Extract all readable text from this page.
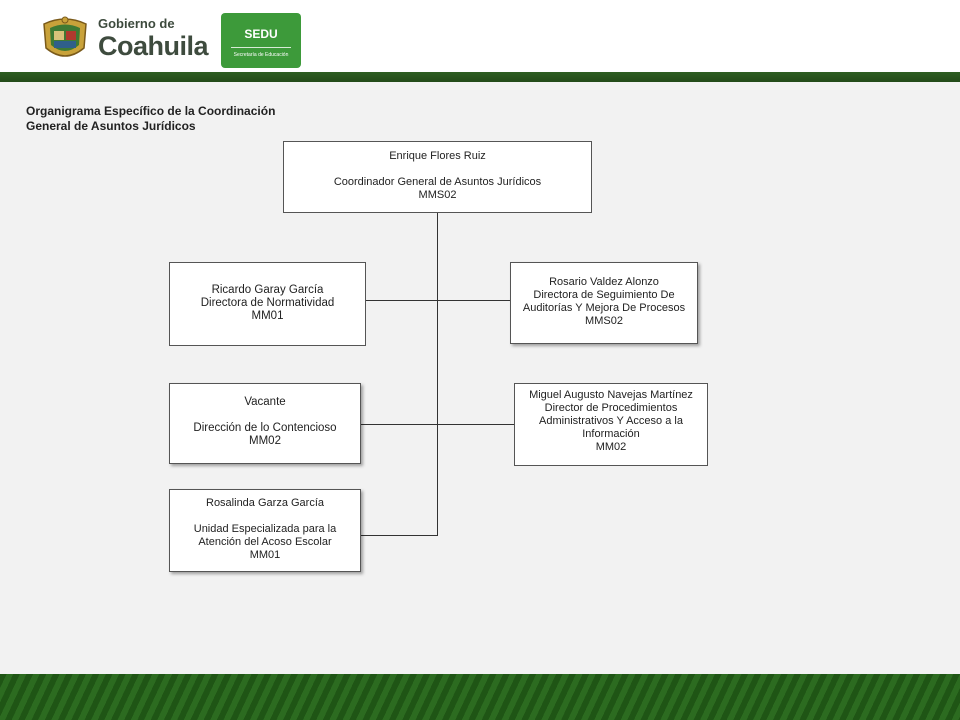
Gobierno de
Coahuila	SEDU
Secretaría de Educación
Organigrama Específico de la Coordinación
General de Asuntos Jurídicos
Enrique Flores Ruiz
Coordinador General de Asuntos Jurídicos
MMS02
Ricardo Garay García
Directora de Normatividad
MM01
Rosario Valdez Alonzo
Directora de Seguimiento De
Auditorías Y Mejora De Procesos
MMS02
Vacante
Dirección de lo Contencioso
MM02
Miguel Augusto Navejas Martínez
Director de Procedimientos
Administrativos Y Acceso a la
Información
MM02
Rosalinda Garza García
Unidad Especializada para la
Atención del Acoso Escolar
MM01
